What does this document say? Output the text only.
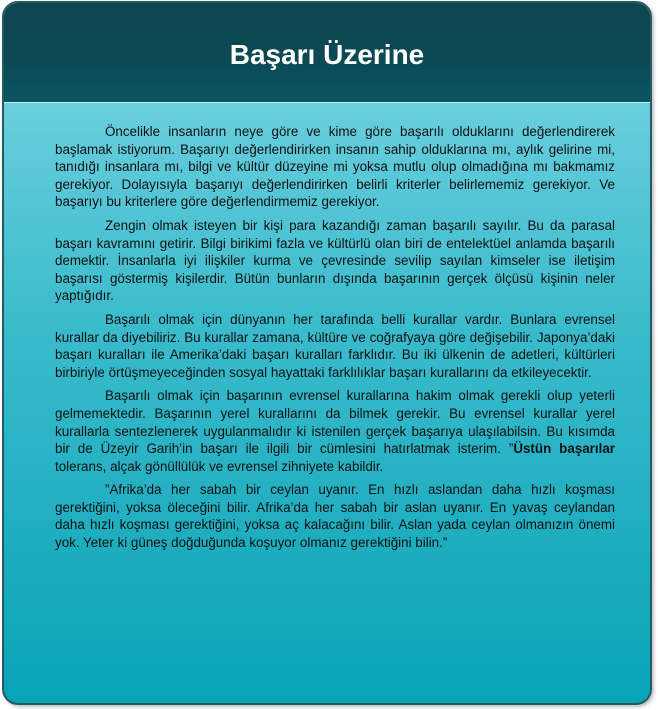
Başarı Üzerine

Öncelikle insanların neye göre ve kime göre başarılı olduklarını değerlendirerek başlamak istiyorum. Başarıyı değerlendirirken insanın sahip olduklarına mı, aylık gelirine mi, tanıdığı insanlara mı, bilgi ve kültür düzeyine mi yoksa mutlu olup olmadığına mı bakmamız gerekiyor. Dolayısıyla başarıyı değerlendirirken belirli kriterler belirlememiz gerekiyor. Ve başarıyı bu kriterlere göre değerlendirmemiz gerekiyor.

Zengin olmak isteyen bir kişi para kazandığı zaman başarılı sayılır. Bu da parasal başarı kavramını getirir. Bilgi birikimi fazla ve kültürlü olan biri de entelektüel anlamda başarılı demektir. İnsanlarla iyi ilişkiler kurma ve çevresinde sevilip sayılan kimseler ise iletişim başarısı göstermiş kişilerdir. Bütün bunların dışında başarının gerçek ölçüsü kişinin neler yaptığıdır.

Başarılı olmak için dünyanın her tarafında belli kurallar vardır. Bunlara evrensel kurallar da diyebiliriz. Bu kurallar zamana, kültüre ve coğrafyaya göre değişebilir. Japonya’daki başarı kuralları ile Amerika’daki başarı kuralları farklıdır. Bu iki ülkenin de adetleri, kültürleri birbiriyle örtüşmeyeceğinden sosyal hayattaki farklılıklar başarı kurallarını da etkileyecektir.

Başarılı olmak için başarının evrensel kurallarına hakim olmak gerekli olup yeterli gelmemektedir. Başarının yerel kurallarını da bilmek gerekir. Bu evrensel kurallar yerel kurallarla sentezlenerek uygulanmalıdır ki istenilen gerçek başarıya ulaşılabilsin. Bu kısımda bir de Üzeyir Garih’in başarı ile ilgili bir cümlesini hatırlatmak isterim. ”Üstün başarılar tolerans, alçak gönüllülük ve evrensel zihniyete kabildir.

”Afrika’da her sabah bir ceylan uyanır. En hızlı aslandan daha hızlı koşması gerektiğini, yoksa öleceğini bilir. Afrika’da her sabah bir aslan uyanır. En yavaş ceylandan daha hızlı koşması gerektiğini, yoksa aç kalacağını bilir. Aslan yada ceylan olmanızın önemi yok. Yeter ki güneş doğduğunda koşuyor olmanız gerektiğini bilin.”
